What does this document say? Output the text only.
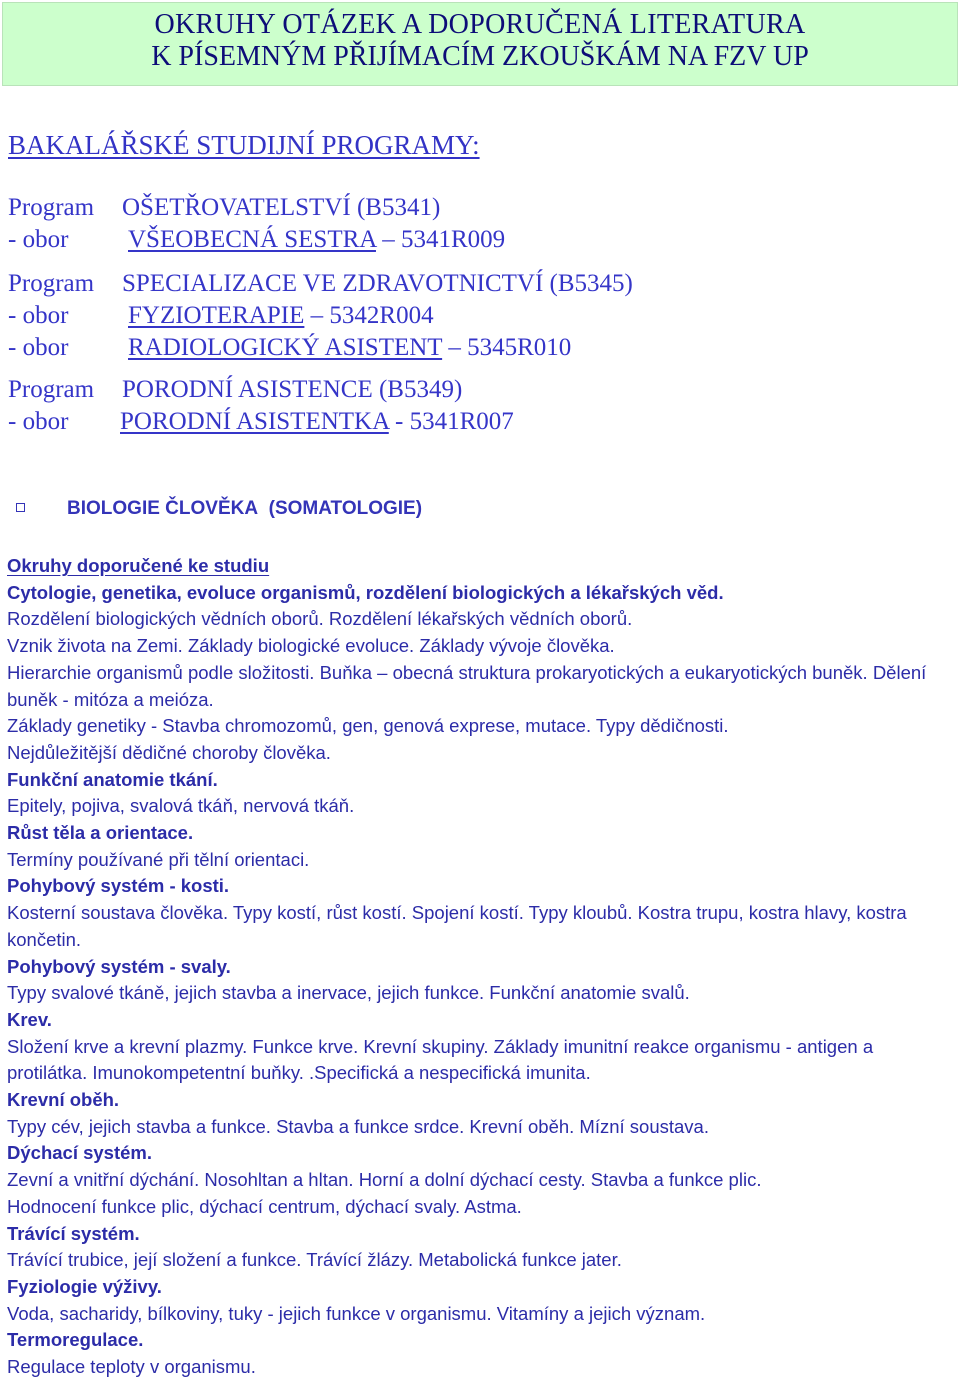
OKRUHY OTÁZEK A DOPORUČENÁ LITERATURA
K PÍSEMNÝM PŘIJÍMACÍM ZKOUŠKÁM NA FZV UP
BAKALÁŘSKÉ STUDIJNÍ PROGRAMY:
Program OŠETŘOVATELSTVÍ (B5341)
- obor VŠEOBECNÁ SESTRA – 5341R009
Program SPECIALIZACE VE ZDRAVOTNICTVÍ (B5345)
- obor FYZIOTERAPIE – 5342R004
- obor RADIOLOGICKÝ ASISTENT – 5345R010
Program PORODNÍ ASISTENCE (B5349)
- obor PORODNÍ ASISTENTKA - 5341R007
BIOLOGIE ČLOVĚKA (SOMATOLOGIE)

Okruhy doporučené ke studiu

Cytologie, genetika, evoluce organismů, rozdělení biologických a lékařských věd.

Rozdělení biologických vědních oborů. Rozdělení lékařských vědních oborů.

Vznik života na Zemi. Základy biologické evoluce. Základy vývoje člověka.

Hierarchie organismů podle složitosti. Buňka – obecná struktura prokaryotických a eukaryotických buněk. Dělení buněk - mitóza a meióza.

Základy genetiky - Stavba chromozomů, gen, genová exprese, mutace. Typy dědičnosti.

Nejdůležitější dědičné choroby člověka.

Funkční anatomie tkání.

Epitely, pojiva, svalová tkáň, nervová tkáň.

Růst těla a orientace.

Termíny používané při tělní orientaci.

Pohybový systém - kosti.

Kosterní soustava člověka. Typy kostí, růst kostí. Spojení kostí. Typy kloubů. Kostra trupu, kostra hlavy, kostra končetin.

Pohybový systém - svaly.

Typy svalové tkáně, jejich stavba a inervace, jejich funkce. Funkční anatomie svalů.

Krev.

Složení krve a krevní plazmy. Funkce krve. Krevní skupiny. Základy imunitní reakce organismu - antigen a protilátka. Imunokompetentní buňky. .Specifická a nespecifická imunita.

Krevní oběh.

Typy cév, jejich stavba a funkce. Stavba a funkce srdce. Krevní oběh. Mízní soustava.

Dýchací systém.

Zevní a vnitřní dýchání. Nosohltan a hltan. Horní a dolní dýchací cesty. Stavba a funkce plic.

Hodnocení funkce plic, dýchací centrum, dýchací svaly. Astma.

Trávící systém.

Trávící trubice, její složení a funkce. Trávící žlázy. Metabolická funkce jater.

Fyziologie výživy.

Voda, sacharidy, bílkoviny, tuky - jejich funkce v organismu. Vitamíny a jejich význam.

Termoregulace.

Regulace teploty v organismu.
